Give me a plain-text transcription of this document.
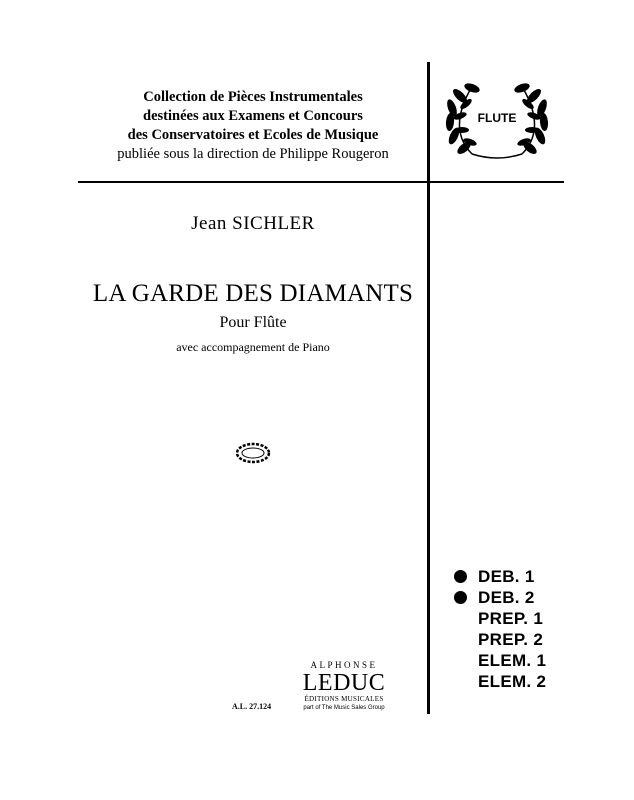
Collection de Pièces Instrumentales
destinées aux Examens et Concours
des Conservatoires et Ecoles de Musique
publiée sous la direction de Philippe Rougeron
FLUTE
Jean SICHLER
LA GARDE DES DIAMANTS
Pour Flûte
avec accompagnement de Piano
DEB. 1
DEB. 2
PREP. 1
PREP. 2
ELEM. 1
ELEM. 2
ALPHONSE
LEDUC
ÉDITIONS MUSICALES
part of The Music Sales Group
A.L. 27.124
